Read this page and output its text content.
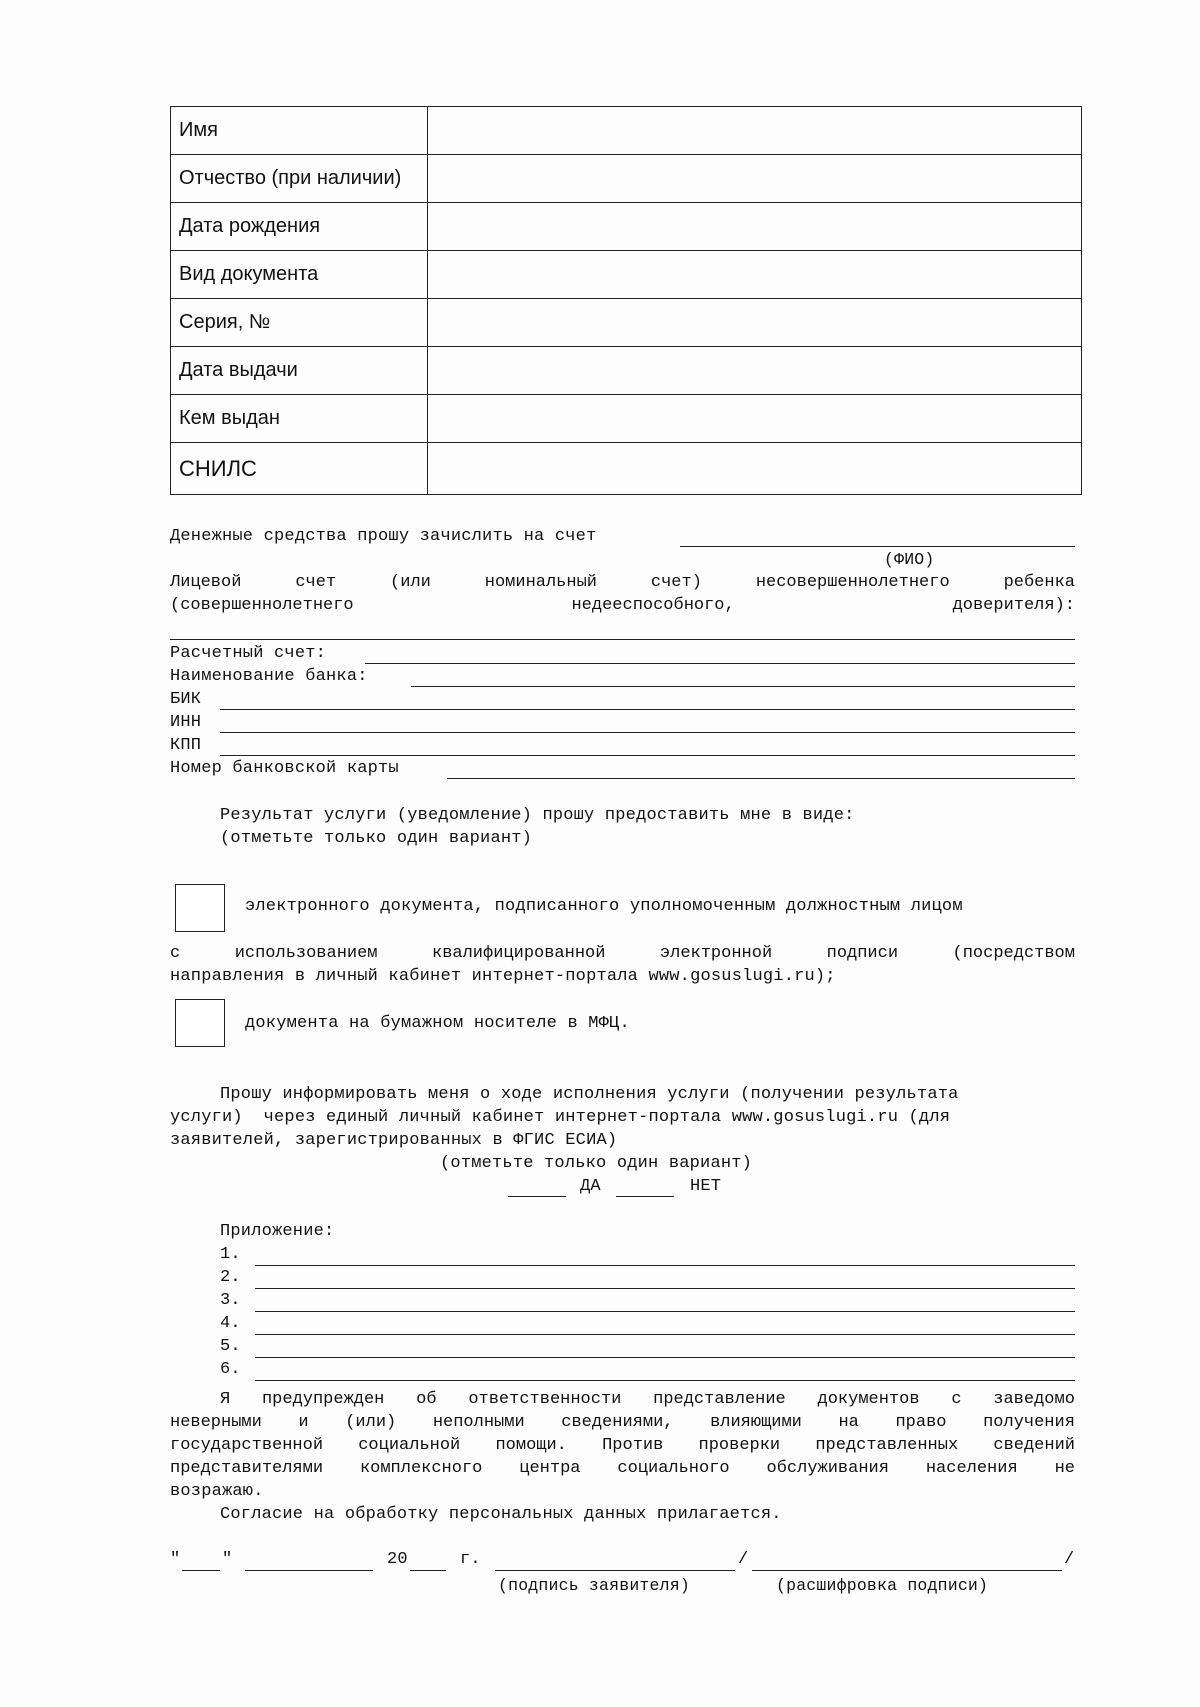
Имя	
Отчество (при наличии)	
Дата рождения	
Вид документа	
Серия, №	
Дата выдачи	
Кем выдан	
СНИЛС	
Денежные средства прошу зачислить на счет
(ФИО)
Лицевой	счет	(или	номинальный	счет)	несовершеннолетнего	ребенка
(совершеннолетнего	недееспособного,	доверителя):
Расчетный счет:
Наименование банка:
БИК
ИНН
КПП
Номер банковской карты
Результат услуги (уведомление) прошу предоставить мне в виде:
(отметьте только один вариант)
электронного документа, подписанного уполномоченным должностным лицом
с	использованием	квалифицированной	электронной	подписи	(посредством
направления в личный кабинет интернет-портала www.gosuslugi.ru);
документа на бумажном носителе в МФЦ.
Прошу информировать меня о ходе исполнения услуги (получении результата
услуги)  через единый личный кабинет интернет-портала www.gosuslugi.ru (для
заявителей, зарегистрированных в ФГИС ЕСИА)
(отметьте только один вариант)
ДА	НЕТ
Приложение:
1.
2.
3.
4.
5.
6.
Я предупрежден об ответственности представление документов с заведомо
неверными и (или) неполными сведениями, влияющими на право получения
государственной социальной помощи. Против проверки представленных сведений
представителями комплексного центра социального обслуживания населения не
возражаю.
Согласие на обработку персональных данных прилагается.
" "	20	г.	/	/
(подпись заявителя)	(расшифровка подписи)
